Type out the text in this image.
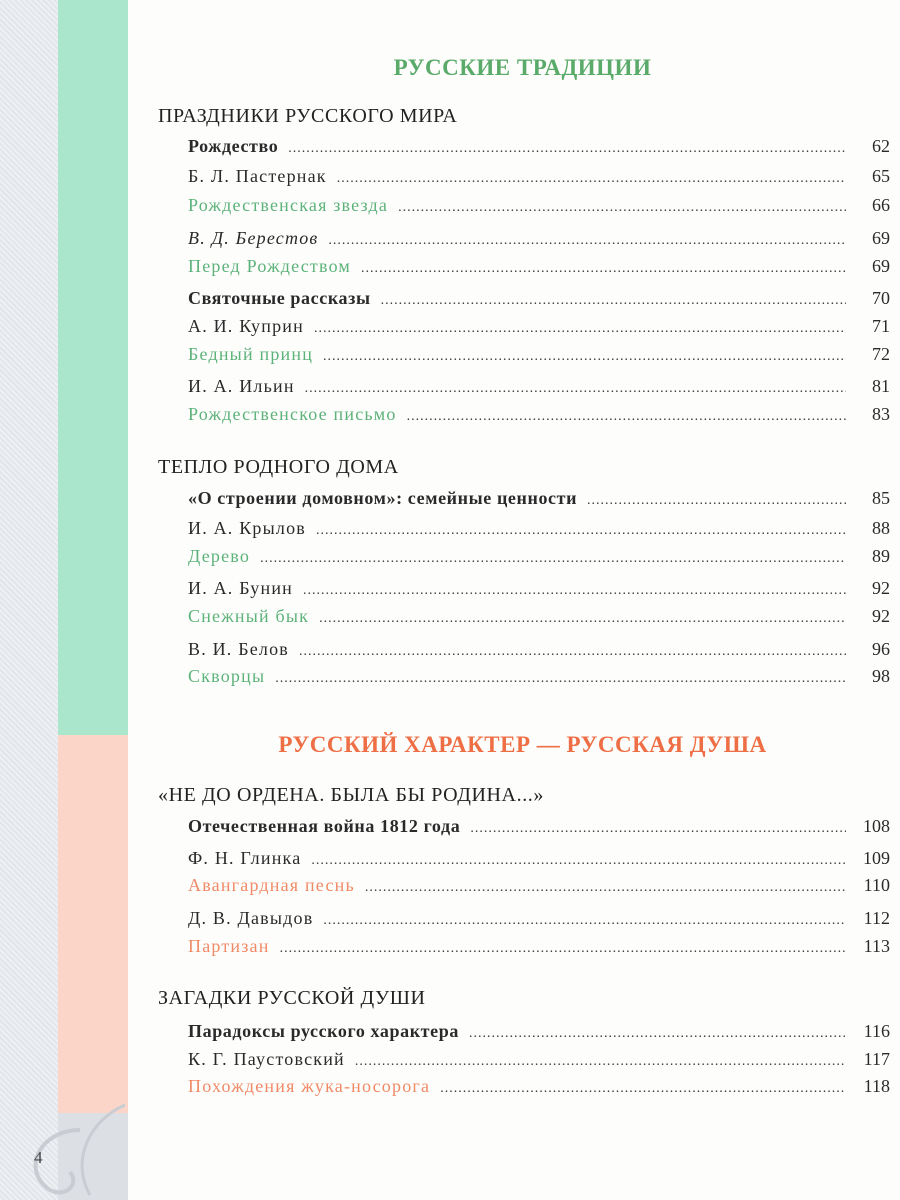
4
РУССКИЕ ТРАДИЦИИ
ПРАЗДНИКИ РУССКОГО МИРА
ТЕПЛО РОДНОГО ДОМА
РУССКИЙ ХАРАКТЕР — РУССКАЯ ДУША
«НЕ ДО ОРДЕНА. БЫЛА БЫ РОДИНА...»
ЗАГАДКИ РУССКОЙ ДУШИ
Рождество .....	62
Б. Л. Пастернак .....	65
Рождественская звезда .....	66
В. Д. Берестов .....	69
Перед Рождеством .....	69
Святочные рассказы .....	70
А. И. Куприн .....	71
Бедный принц .....	72
И. А. Ильин .....	81
Рождественское письмо .....	83
«О строении домовном»: семейные ценности .....	85
И. А. Крылов .....	88
Дерево .....	89
И. А. Бунин .....	92
Снежный бык .....	92
В. И. Белов .....	96
Скворцы .....	98
Отечественная война 1812 года .....	108
Ф. Н. Глинка .....	109
Авангардная песнь .....	110
Д. В. Давыдов .....	112
Партизан .....	113
Парадоксы русского характера .....	116
К. Г. Паустовский .....	117
Похождения жука-носорога .....	118
